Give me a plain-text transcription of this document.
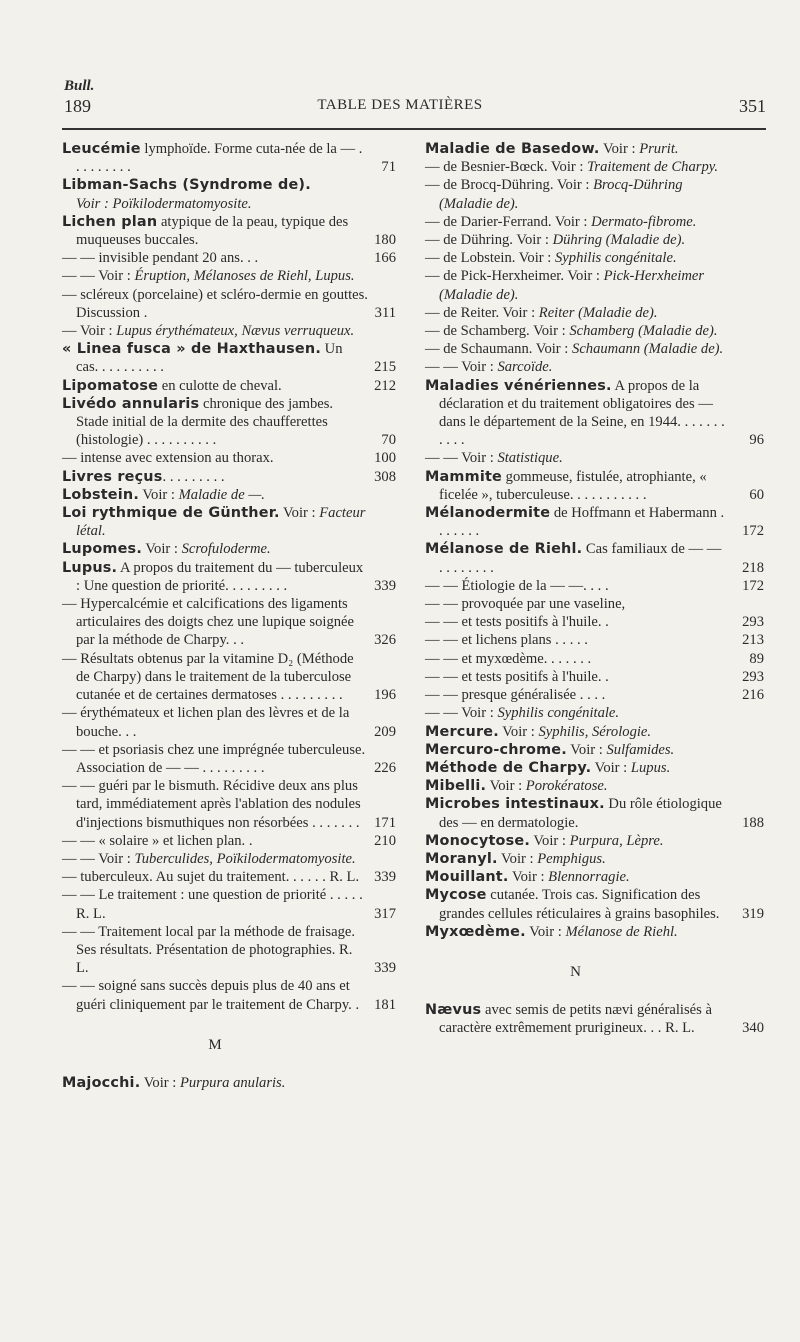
Bull.
189	TABLE DES MATIÈRES	351
Leucémie lymphoïde. Forme cuta-née de la — . . . . . . . . .	71
Libman-Sachs (Syndrome de).
Voir : Poïkilodermatomyosite.
Lichen plan atypique de la peau, typique des muqueuses buccales.	180
— — invisible pendant 20 ans. . .	166
— — Voir : Éruption, Mélanoses de Riehl, Lupus.
— scléreux (porcelaine) et scléro-dermie en gouttes. Discussion .	311
— Voir : Lupus érythémateux, Nævus verruqueux.
« Linea fusca » de Haxthausen. Un cas. . . . . . . . . .	215
Lipomatose en culotte de cheval.	212
Livédo annularis chronique des jambes. Stade initial de la dermite des chaufferettes (histologie) . . . . . . . . . .	70
— intense avec extension au thorax.	100
Livres reçus. . . . . . . . .	308
Lobstein. Voir : Maladie de —.
Loi rythmique de Günther. Voir : Facteur létal.
Lupomes. Voir : Scrofuloderme.
Lupus. A propos du traitement du — tuberculeux : Une question de priorité. . . . . . . . .	339
— Hypercalcémie et calcifications des ligaments articulaires des doigts chez une lupique soignée par la méthode de Charpy. . .	326
— Résultats obtenus par la vitamine D₂ (Méthode de Charpy) dans le traitement de la tuberculose cutanée et de certaines dermatoses . . . . . . . . .	196
— érythémateux et lichen plan des lèvres et de la bouche. . .	209
— — et psoriasis chez une imprégnée tuberculeuse. Association de — — . . . . . . . . .	226
— — guéri par le bismuth. Récidive deux ans plus tard, immédiatement après l'ablation des nodules d'injections bismuthiques non résorbées . . . . . . . 171
— — « solaire » et lichen plan. .	210
— — Voir : Tuberculides, Poïkilodermatomyosite.
— tuberculeux. Au sujet du traitement. . . . . . R. L.	339
— — Le traitement : une question de priorité . . . . . R. L.	317
— — Traitement local par la méthode de fraisage. Ses résultats. Présentation de photographies. R. L.	339
— — soigné sans succès depuis plus de 40 ans et guéri cliniquement par le traitement de Charpy. .	181
M
Majocchi. Voir : Purpura anularis.
Maladie de Basedow. Voir : Prurit.
— de Besnier-Bœck. Voir : Traitement de Charpy.
— de Brocq-Dühring. Voir : Brocq-Dühring (Maladie de).
— de Darier-Ferrand. Voir : Dermato-fibrome.
— de Dühring. Voir : Dühring (Maladie de).
— de Lobstein. Voir : Syphilis congénitale.
— de Pick-Herxheimer. Voir : Pick-Herxheimer (Maladie de).
— de Reiter. Voir : Reiter (Maladie de).
— de Schamberg. Voir : Schamberg (Maladie de).
— de Schaumann. Voir : Schaumann (Maladie de).
— — Voir : Sarcoïde.
Maladies vénériennes. A propos de la déclaration et du traitement obligatoires des — dans le département de la Seine, en 1944. . . . . . . . . . .	96
— — Voir : Statistique.
Mammite gommeuse, fistulée, atrophiante, « ficelée », tuberculeuse. . . . . . . . . . .	60
Mélanodermite de Hoffmann et Habermann . . . . . . .	172
Mélanose de Riehl. Cas familiaux de — — . . . . . . . .	218
— — Étiologie de la — —. . . .	172
— — provoquée par une vaseline,
— — et tests positifs à l'huile. .	293
— — et lichens plans . . . . .	213
— — et myxœdème. . . . . . .	89
— — et tests positifs à l'huile. .	293
— — presque généralisée . . . .	216
— — Voir : Syphilis congénitale.
Mercure. Voir : Syphilis, Sérologie.
Mercuro-chrome. Voir : Sulfamides.
Méthode de Charpy. Voir : Lupus.
Mibelli. Voir : Porokératose.
Microbes intestinaux. Du rôle étiologique des — en dermatologie.	188
Monocytose. Voir : Purpura, Lèpre.
Moranyl. Voir : Pemphigus.
Mouillant. Voir : Blennorragie.
Mycose cutanée. Trois cas. Signification des grandes cellules réticulaires à grains basophiles.	319
Myxœdème. Voir : Mélanose de Riehl.
N
Nævus avec semis de petits nævi généralisés à caractère extrêmement prurigineux. . . R. L.	340
